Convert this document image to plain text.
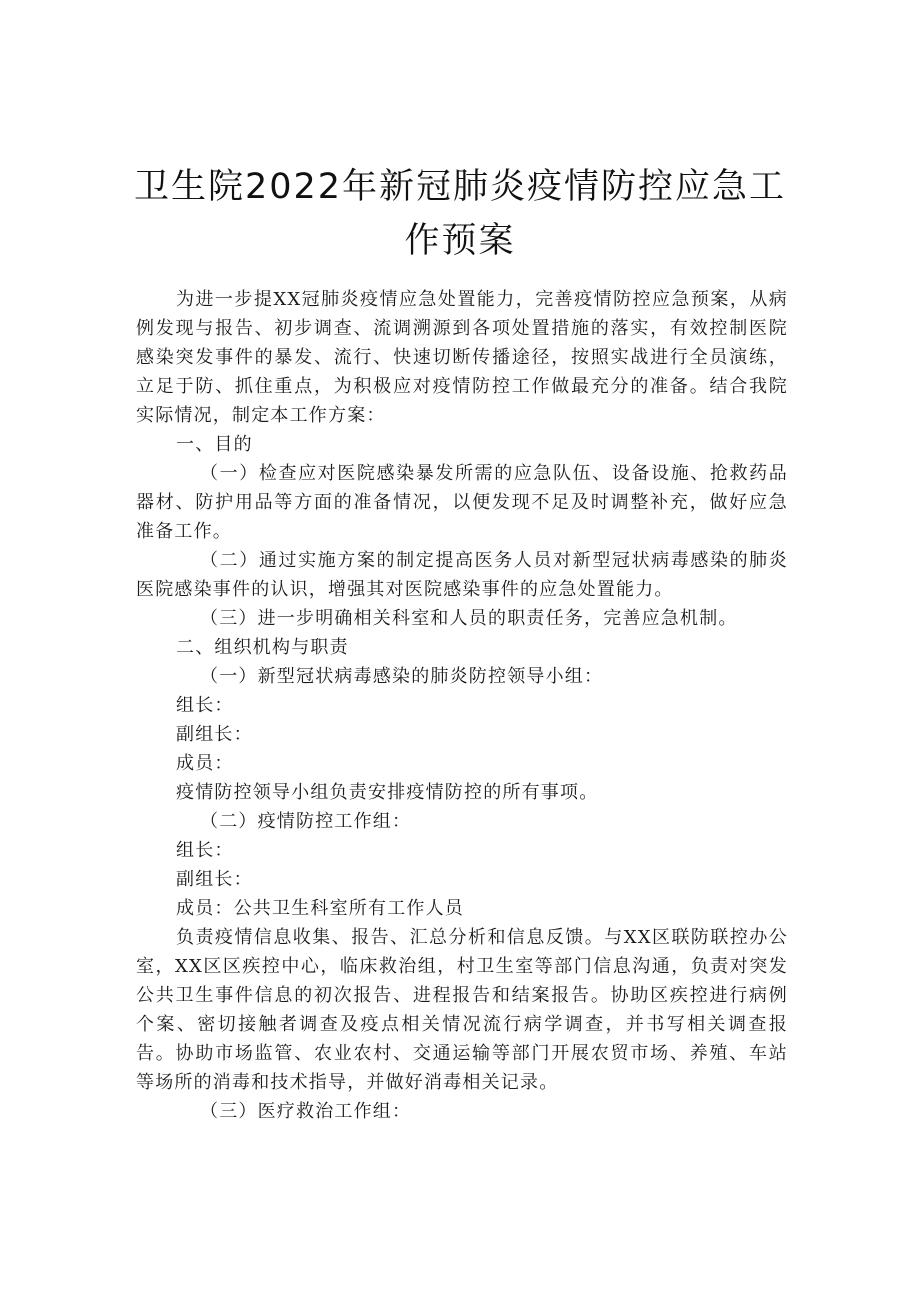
卫生院2022年新冠肺炎疫情防控应急工
作预案

为进一步提XX冠肺炎疫情应急处置能力，完善疫情防控应急预案，从病例发现与报告、初步调查、流调溯源到各项处置措施的落实，有效控制医院感染突发事件的暴发、流行、快速切断传播途径，按照实战进行全员演练，立足于防、抓住重点，为积极应对疫情防控工作做最充分的准备。结合我院实际情况，制定本工作方案：

一、目的

（一）检查应对医院感染暴发所需的应急队伍、设备设施、抢救药品器材、防护用品等方面的准备情况，以便发现不足及时调整补充，做好应急准备工作。

（二）通过实施方案的制定提高医务人员对新型冠状病毒感染的肺炎医院感染事件的认识，增强其对医院感染事件的应急处置能力。

（三）进一步明确相关科室和人员的职责任务，完善应急机制。

二、组织机构与职责

（一）新型冠状病毒感染的肺炎防控领导小组：

组长：

副组长：

成员：

疫情防控领导小组负责安排疫情防控的所有事项。

（二）疫情防控工作组：

组长：

副组长：

成员：公共卫生科室所有工作人员

负责疫情信息收集、报告、汇总分析和信息反馈。与XX区联防联控办公室，XX区区疾控中心，临床救治组，村卫生室等部门信息沟通，负责对突发公共卫生事件信息的初次报告、进程报告和结案报告。协助区疾控进行病例个案、密切接触者调查及疫点相关情况流行病学调查，并书写相关调查报告。协助市场监管、农业农村、交通运输等部门开展农贸市场、养殖、车站等场所的消毒和技术指导，并做好消毒相关记录。

（三）医疗救治工作组：
